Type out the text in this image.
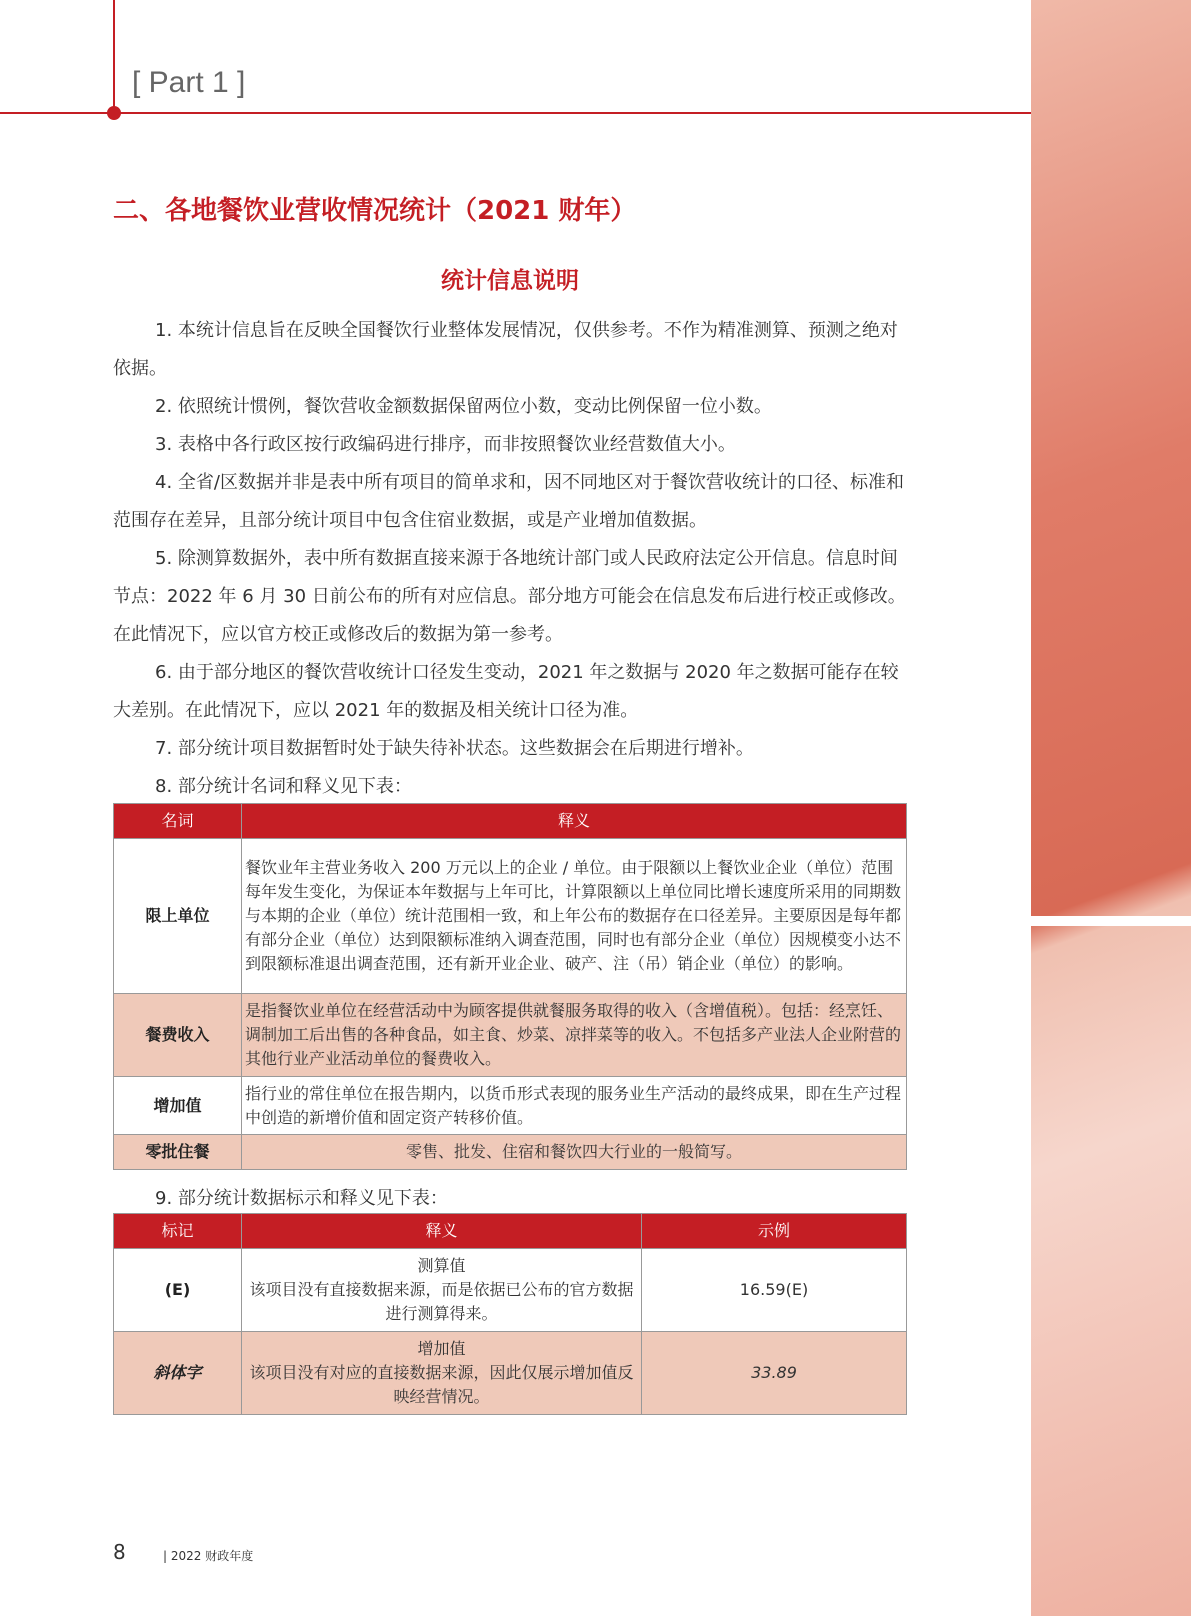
[ Part 1 ]
二、各地餐饮业营收情况统计（2021 财年）
统计信息说明

1. 本统计信息旨在反映全国餐饮行业整体发展情况，仅供参考。不作为精准测算、预测之绝对依据。

2. 依照统计惯例，餐饮营收金额数据保留两位小数，变动比例保留一位小数。

3. 表格中各行政区按行政编码进行排序，而非按照餐饮业经营数值大小。

4. 全省/区数据并非是表中所有项目的简单求和，因不同地区对于餐饮营收统计的口径、标准和范围存在差异，且部分统计项目中包含住宿业数据，或是产业增加值数据。

5. 除测算数据外，表中所有数据直接来源于各地统计部门或人民政府法定公开信息。信息时间节点：2022 年 6 月 30 日前公布的所有对应信息。部分地方可能会在信息发布后进行校正或修改。在此情况下，应以官方校正或修改后的数据为第一参考。

6. 由于部分地区的餐饮营收统计口径发生变动，2021 年之数据与 2020 年之数据可能存在较大差别。在此情况下，应以 2021 年的数据及相关统计口径为准。

7. 部分统计项目数据暂时处于缺失待补状态。这些数据会在后期进行增补。

8. 部分统计名词和释义见下表：

名词	释义
限上单位	餐饮业年主营业务收入 200 万元以上的企业 / 单位。由于限额以上餐饮业企业（单位）范围每年发生变化，为保证本年数据与上年可比，计算限额以上单位同比增长速度所采用的同期数与本期的企业（单位）统计范围相一致，和上年公布的数据存在口径差异。主要原因是每年都有部分企业（单位）达到限额标准纳入调查范围，同时也有部分企业（单位）因规模变小达不到限额标准退出调查范围，还有新开业企业、破产、注（吊）销企业（单位）的影响。
餐费收入	是指餐饮业单位在经营活动中为顾客提供就餐服务取得的收入（含增值税）。包括：经烹饪、调制加工后出售的各种食品，如主食、炒菜、凉拌菜等的收入。不包括多产业法人企业附营的其他行业产业活动单位的餐费收入。
增加值	指行业的常住单位在报告期内，以货币形式表现的服务业生产活动的最终成果，即在生产过程中创造的新增价值和固定资产转移价值。
零批住餐	零售、批发、住宿和餐饮四大行业的一般简写。

9. 部分统计数据标示和释义见下表：

标记	释义	示例
(E)	测算值
该项目没有直接数据来源，而是依据已公布的官方数据进行测算得来。	16.59(E)
斜体字	增加值
该项目没有对应的直接数据来源，因此仅展示增加值反映经营情况。	33.89
8	| 2022 财政年度
